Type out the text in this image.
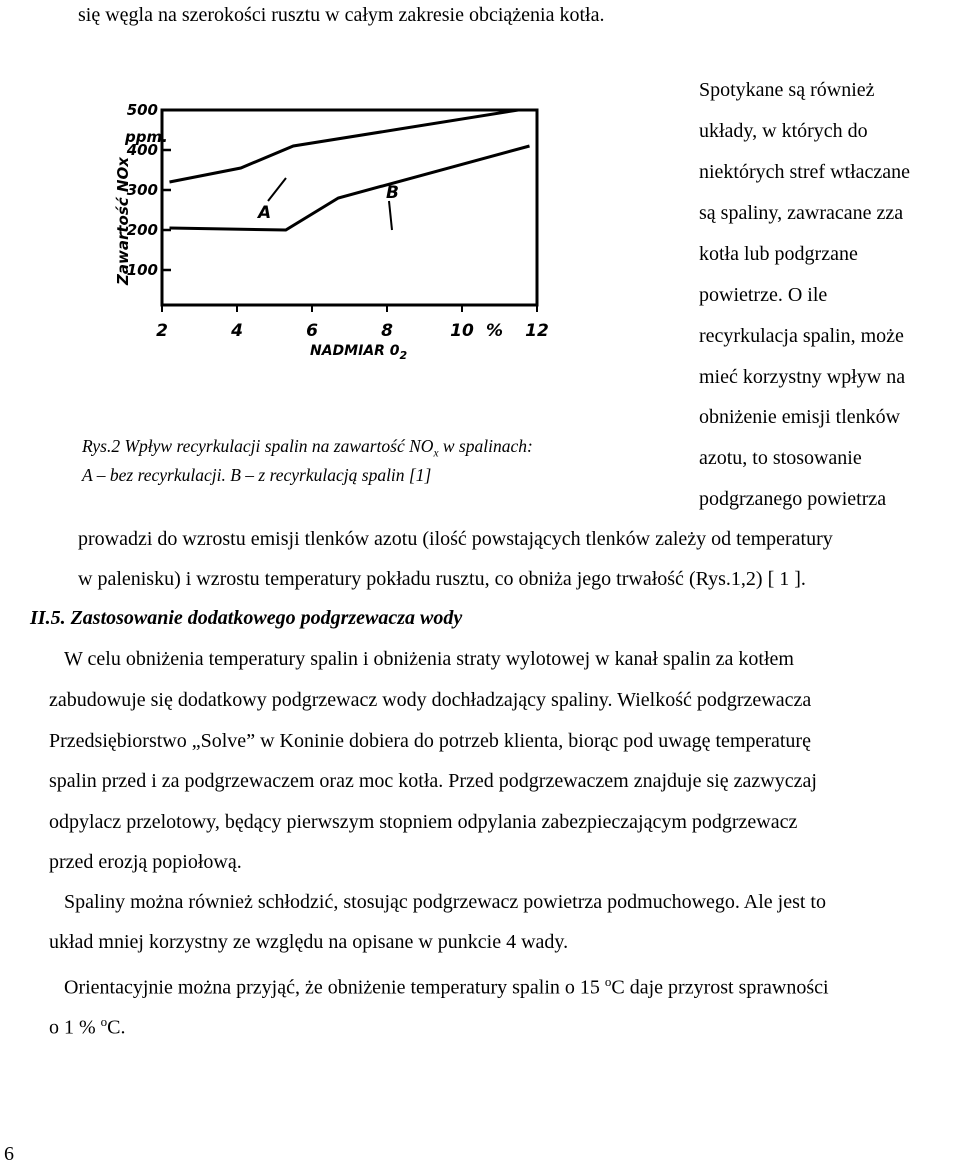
się węgla na szerokości rusztu w całym zakresie obciążenia kotła.
Zawartość NOx
ppm.
100
200
300
400
500
2	4	6	8	10	12
%
NADMIAR $0_2$
A
B
Rys.2 Wpływ recyrkulacji spalin na zawartość $NO_x$ w spalinach:
A – bez recyrkulacji. B – z recyrkulacją spalin [1]
Spotykane są również
układy, w których do
niektórych stref wtłaczane
są spaliny, zawracane zza
kotła lub podgrzane
powietrze. O ile
recyrkulacja spalin, może
mieć korzystny wpływ na
obniżenie emisji tlenków
azotu, to stosowanie
podgrzanego powietrza
prowadzi do wzrostu emisji tlenków azotu (ilość powstających tlenków zależy od temperatury
w palenisku) i wzrostu temperatury pokładu rusztu, co obniża jego trwałość (Rys.1,2) [ 1 ].
II.5. Zastosowanie dodatkowego podgrzewacza wody
W celu obniżenia temperatury spalin i obniżenia straty wylotowej w kanał spalin za kotłem
zabudowuje się dodatkowy podgrzewacz wody dochładzający spaliny. Wielkość podgrzewacza
Przedsiębiorstwo „Solve” w Koninie dobiera do potrzeb klienta, biorąc pod uwagę temperaturę
spalin przed i za podgrzewaczem oraz moc kotła. Przed podgrzewaczem znajduje się zazwyczaj
odpylacz przelotowy, będący pierwszym stopniem odpylania zabezpieczającym podgrzewacz
przed erozją popiołową.
Spaliny można również schłodzić, stosując podgrzewacz powietrza podmuchowego. Ale jest to
układ mniej korzystny ze względu na opisane w punkcie 4 wady.
Orientacyjnie można przyjąć, że obniżenie temperatury spalin o 15 $^o$C daje przyrost sprawności
o 1 % $^o$C.
6
